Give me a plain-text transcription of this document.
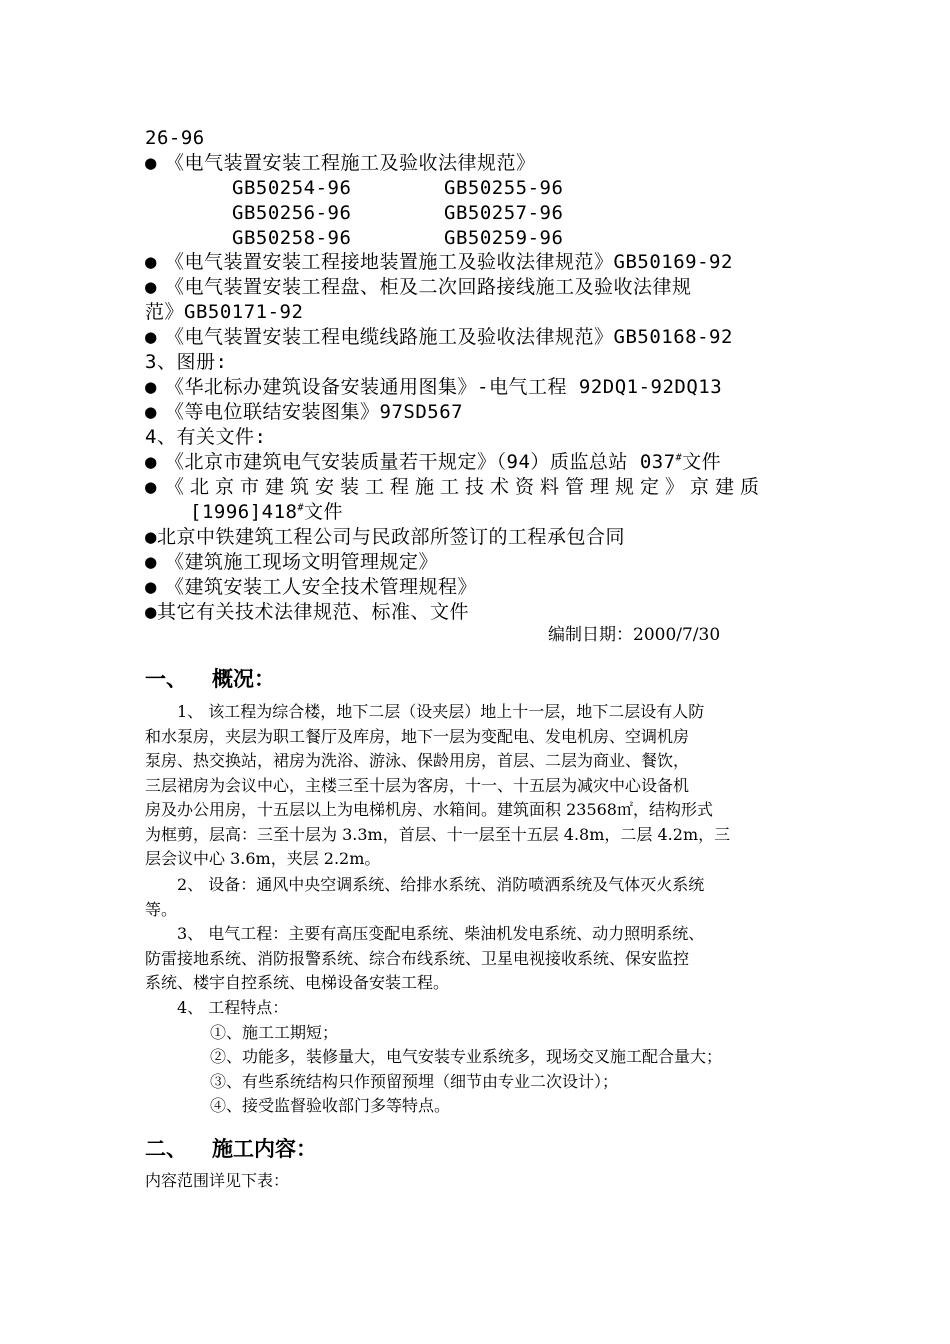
26-96
● 《电气装置安装工程施工及验收法律规范》
GB50254-96	GB50255-96
GB50256-96	GB50257-96
GB50258-96	GB50259-96
● 《电气装置安装工程接地装置施工及验收法律规范》GB50169-92
● 《电气装置安装工程盘、柜及二次回路接线施工及验收法律规
范》GB50171-92
● 《电气装置安装工程电缆线路施工及验收法律规范》GB50168-92
3、图册:
● 《华北标办建筑设备安装通用图集》-电气工程 92DQ1-92DQ13
● 《等电位联结安装图集》97SD567
4、有关文件:
● 《北京市建筑电气安装质量若干规定》（94）质监总站 037#文件
● 《北京市建筑安装工程施工技术资料管理规定》京建质
[1996]418#文件
●北京中铁建筑工程公司与民政部所签订的工程承包合同
● 《建筑施工现场文明管理规定》
● 《建筑安装工人安全技术管理规程》
●其它有关技术法律规范、标准、文件
编制日期：2000/7/30
一、 概况：
1、 该工程为综合楼，地下二层（设夹层）地上十一层，地下二层设有人防
和水泵房，夹层为职工餐厅及库房，地下一层为变配电、发电机房、空调机房
泵房、热交换站，裙房为洗浴、游泳、保龄用房，首层、二层为商业、餐饮，
三层裙房为会议中心，主楼三至十层为客房，十一、十五层为减灾中心设备机
房及办公用房，十五层以上为电梯机房、水箱间。建筑面积 23568㎡，结构形式
为框剪，层高：三至十层为 3.3m，首层、十一层至十五层 4.8m，二层 4.2m，三
层会议中心 3.6m，夹层 2.2m。
2、 设备：通风中央空调系统、给排水系统、消防喷洒系统及气体灭火系统
等。
3、 电气工程：主要有高压变配电系统、柴油机发电系统、动力照明系统、
防雷接地系统、消防报警系统、综合布线系统、卫星电视接收系统、保安监控
系统、楼宇自控系统、电梯设备安装工程。
4、 工程特点：
①、施工工期短；
②、功能多，装修量大，电气安装专业系统多，现场交叉施工配合量大；
③、有些系统结构只作预留预埋（细节由专业二次设计）；
④、接受监督验收部门多等特点。
二、 施工内容：
内容范围详见下表：
